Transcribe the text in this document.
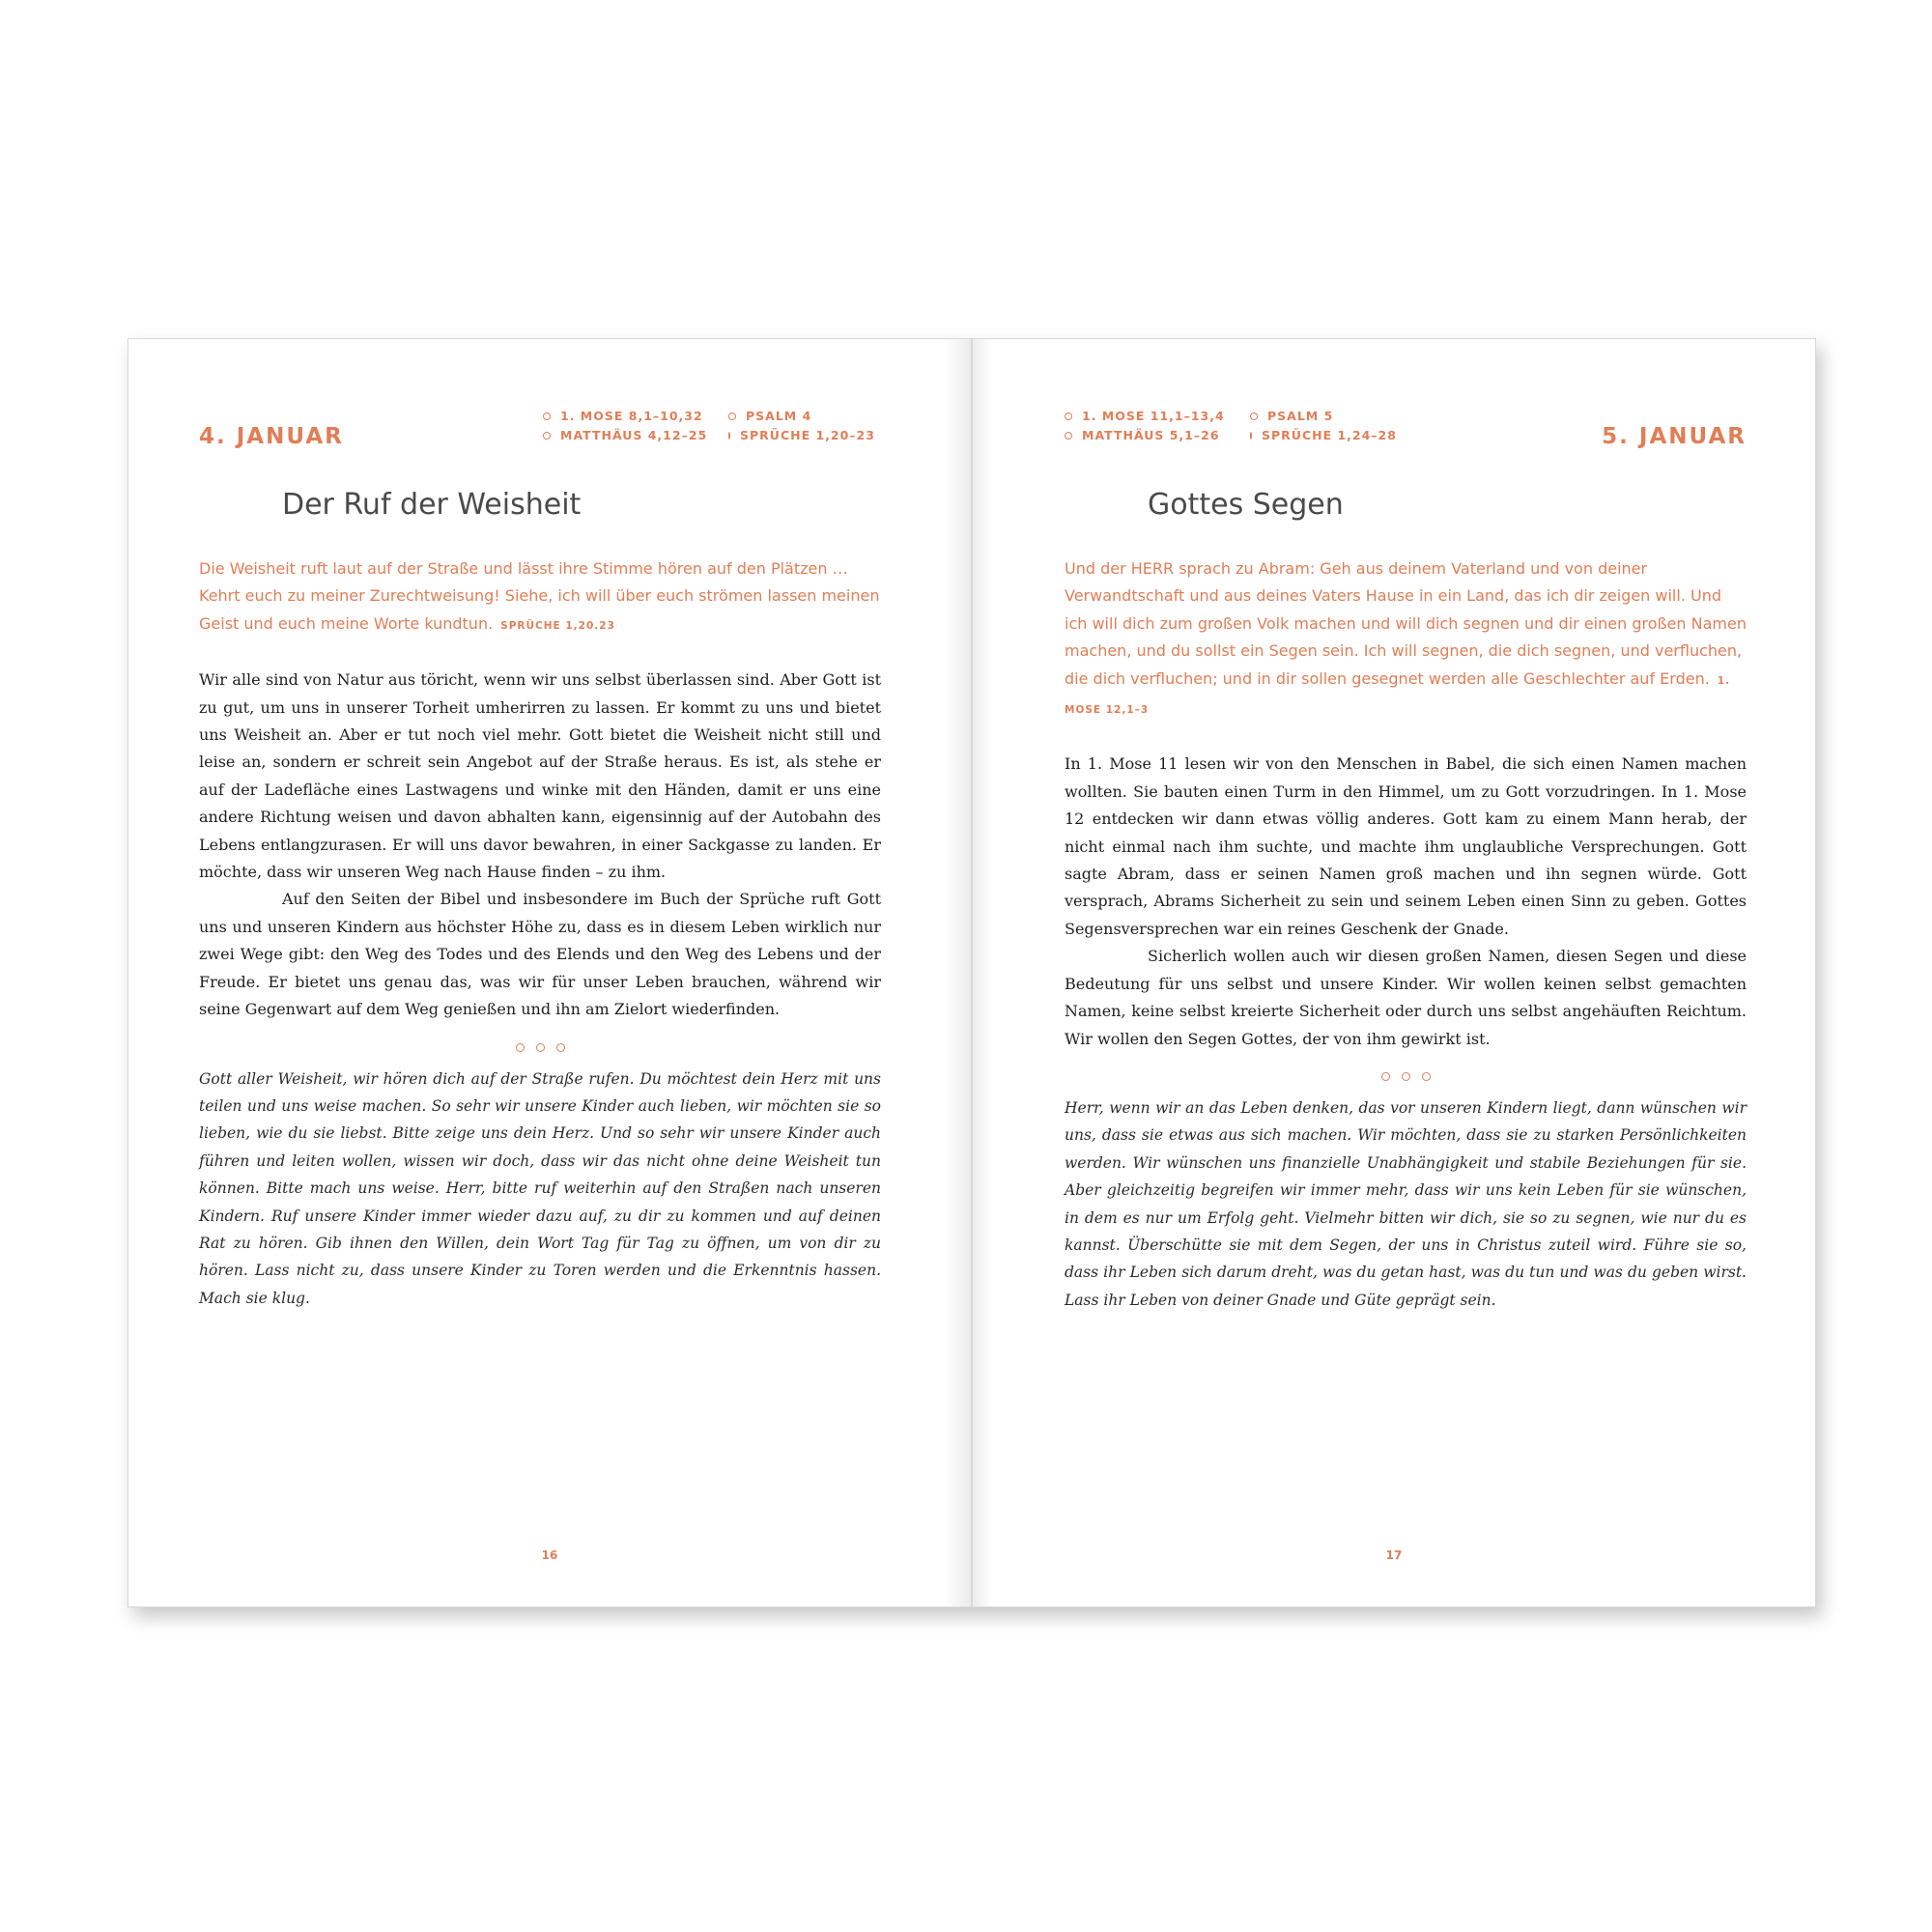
4. JANUAR
1. MOSE 8,1–10,32	PSALM 4
MATTHÄUS 4,12–25	SPRÜCHE 1,20–23
Der Ruf der Weisheit
Die Weisheit ruft laut auf der Straße und lässt ihre Stimme hören auf den Plätzen … Kehrt euch zu meiner Zurechtweisung! Siehe, ich will über euch strömen lassen meinen Geist und euch meine Worte kundtun. SPRÜCHE 1,20.23

Wir alle sind von Natur aus töricht, wenn wir uns selbst überlassen sind. Aber Gott ist zu gut, um uns in unserer Torheit umherirren zu lassen. Er kommt zu uns und bietet uns Weisheit an. Aber er tut noch viel mehr. Gott bietet die Weisheit nicht still und leise an, sondern er schreit sein Angebot auf der Straße heraus. Es ist, als stehe er auf der Ladefläche eines Lastwagens und winke mit den Händen, damit er uns eine andere Richtung weisen und davon abhalten kann, eigensinnig auf der Autobahn des Lebens entlangzurasen. Er will uns davor bewahren, in einer Sackgasse zu landen. Er möchte, dass wir unseren Weg nach Hause finden – zu ihm.

Auf den Seiten der Bibel und insbesondere im Buch der Sprüche ruft Gott uns und unseren Kindern aus höchster Höhe zu, dass es in diesem Leben wirklich nur zwei Wege gibt: den Weg des Todes und des Elends und den Weg des Lebens und der Freude. Er bietet uns genau das, was wir für unser Leben brauchen, während wir seine Gegenwart auf dem Weg genießen und ihn am Zielort wiederfinden.

Gott aller Weisheit, wir hören dich auf der Straße rufen. Du möchtest dein Herz mit uns teilen und uns weise machen. So sehr wir unsere Kinder auch lieben, wir möchten sie so lieben, wie du sie liebst. Bitte zeige uns dein Herz. Und so sehr wir unsere Kinder auch führen und leiten wollen, wissen wir doch, dass wir das nicht ohne deine Weisheit tun können. Bitte mach uns weise. Herr, bitte ruf weiterhin auf den Straßen nach unseren Kindern. Ruf unsere Kinder immer wieder dazu auf, zu dir zu kommen und auf deinen Rat zu hören. Gib ihnen den Willen, dein Wort Tag für Tag zu öffnen, um von dir zu hören. Lass nicht zu, dass unsere Kinder zu Toren werden und die Erkenntnis hassen. Mach sie klug.

16
1. MOSE 11,1–13,4	PSALM 5
MATTHÄUS 5,1–26	SPRÜCHE 1,24–28	5. JANUAR
Gottes Segen
Und der HERR sprach zu Abram: Geh aus deinem Vaterland und von deiner Verwandtschaft und aus deines Vaters Hause in ein Land, das ich dir zeigen will. Und ich will dich zum großen Volk machen und will dich segnen und dir einen großen Namen machen, und du sollst ein Segen sein. Ich will segnen, die dich segnen, und verfluchen, die dich verfluchen; und in dir sollen gesegnet werden alle Geschlechter auf Erden. 1. MOSE 12,1–3

In 1. Mose 11 lesen wir von den Menschen in Babel, die sich einen Namen machen wollten. Sie bauten einen Turm in den Himmel, um zu Gott vorzudringen. In 1. Mose 12 entdecken wir dann etwas völlig anderes. Gott kam zu einem Mann herab, der nicht einmal nach ihm suchte, und machte ihm unglaubliche Versprechungen. Gott sagte Abram, dass er seinen Namen groß machen und ihn segnen würde. Gott versprach, Abrams Sicherheit zu sein und seinem Leben einen Sinn zu geben. Gottes Segensversprechen war ein reines Geschenk der Gnade.

Sicherlich wollen auch wir diesen großen Namen, diesen Segen und diese Bedeutung für uns selbst und unsere Kinder. Wir wollen keinen selbst gemachten Namen, keine selbst kreierte Sicherheit oder durch uns selbst angehäuften Reichtum. Wir wollen den Segen Gottes, der von ihm gewirkt ist.

Herr, wenn wir an das Leben denken, das vor unseren Kindern liegt, dann wünschen wir uns, dass sie etwas aus sich machen. Wir möchten, dass sie zu starken Persönlichkeiten werden. Wir wünschen uns finanzielle Unabhängigkeit und stabile Beziehungen für sie. Aber gleichzeitig begreifen wir immer mehr, dass wir uns kein Leben für sie wünschen, in dem es nur um Erfolg geht. Vielmehr bitten wir dich, sie so zu segnen, wie nur du es kannst. Überschütte sie mit dem Segen, der uns in Christus zuteil wird. Führe sie so, dass ihr Leben sich darum dreht, was du getan hast, was du tun und was du geben wirst. Lass ihr Leben von deiner Gnade und Güte geprägt sein.

17
